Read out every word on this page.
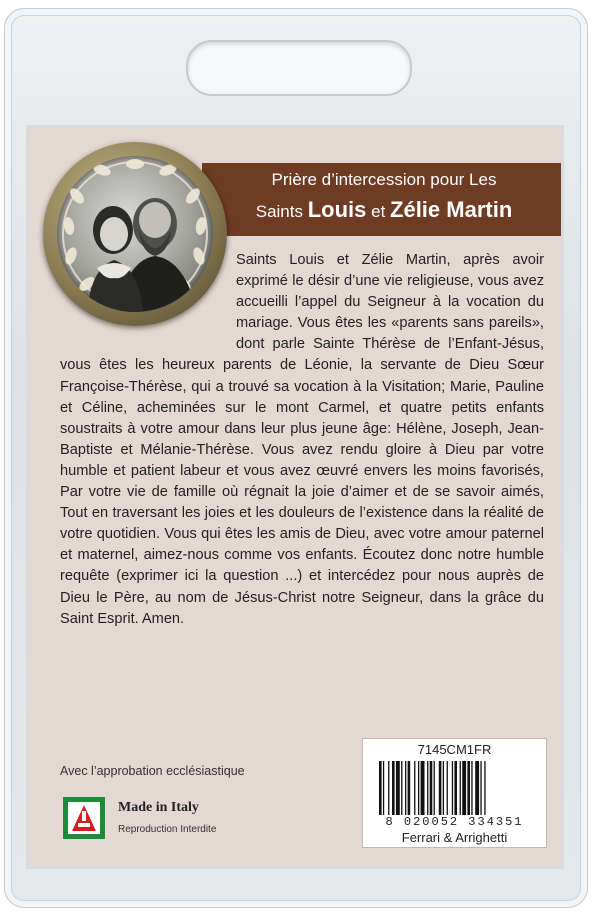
Prière d’intercession pour Les
Saints Louis et Zélie Martin
Saints Louis et Zélie Martin, après avoir exprimé le désir d’une vie religieuse, vous avez accueilli l’appel du Seigneur à la vocation du mariage. Vous êtes les «parents sans pareils», dont parle Sainte Thérèse de l’Enfant-Jésus, vous êtes les heureux parents de Léonie, la servante de Dieu Sœur Françoise-Thérèse, qui a trouvé sa vocation à la Visitation; Marie, Pauline et Céline, acheminées sur le mont Carmel, et quatre petits enfants soustraits à votre amour dans leur plus jeune âge: Hélène, Joseph, Jean-Baptiste et Mélanie-Thérèse. Vous avez rendu gloire à Dieu par votre humble et patient labeur et vous avez œuvré envers les moins favorisés, Par votre vie de famille où régnait la joie d’aimer et de se savoir aimés, Tout en traversant les joies et les douleurs de l’existence dans la réalité de votre quotidien. Vous qui êtes les amis de Dieu, avec votre amour paternel et maternel, aimez-nous comme vos enfants. Écoutez donc notre humble requête (exprimer ici la question ...) et intercédez pour nous auprès de Dieu le Père, au nom de Jésus-Christ notre Seigneur, dans la grâce du Saint Esprit. Amen.
Avec l’approbation ecclésiastique
Made in Italy
Reproduction Interdite
7145CM1FR
8 020052 334351
Ferrari & Arrighetti
